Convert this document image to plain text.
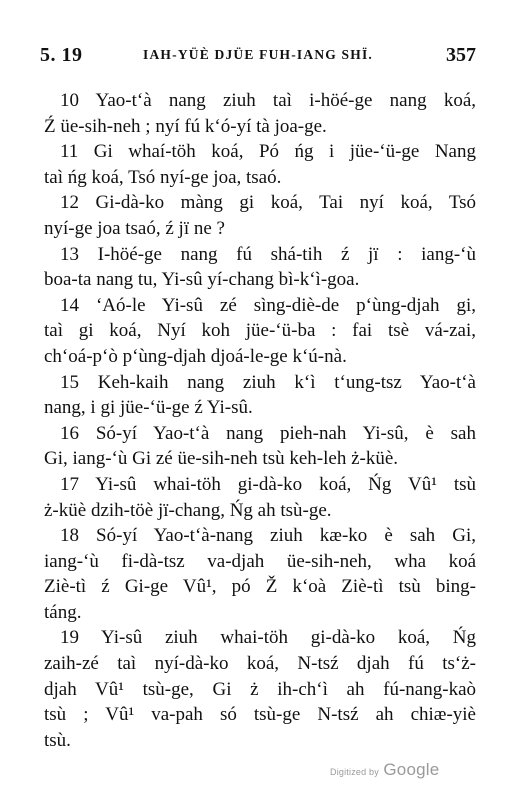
5. 19	IAH-YÜÈ DJÜE FUH-IANG SHÏ.	357
10 Yao-t‘à nang ziuh taì i-höé-ge nang koá,
Ź üe-sih-neh ; nyí fú k‘ó-yí tà joa-ge.
11 Gi whaí-töh koá, Pó ńg i jüe-‘ü-ge Nang
taì ńg koá, Tsó nyí-ge joa, tsaó.
12 Gi-dà-ko màng gi koá, Tai nyí koá, Tsó
nyí-ge joa tsaó, ź jï ne ?
13 I-höé-ge nang fú shá-tih ź jï : iang-‘ù
boa-ta nang tu, Yi-sû yí-chang bì-k‘ì-goa.
14 ‘Aó-le Yi-sû zé sìng-diè-de p‘ùng-djah gi,
taì gi koá, Nyí koh jüe-‘ü-ba : fai tsè vá-zai,
ch‘oá-p‘ò p‘ùng-djah djoá-le-ge k‘ú-nà.
15 Keh-kaih nang ziuh k‘ì t‘ung-tsz Yao-t‘à
nang, i gi jüe-‘ü-ge ź Yi-sû.
16 Só-yí Yao-t‘à nang pieh-nah Yi-sû, è sah
Gi, iang-‘ù Gi zé üe-sih-neh tsù keh-leh ż-küè.
17 Yi-sû whai-töh gi-dà-ko koá, Ńg Vû¹ tsù
ż-küè dzih-töè jï-chang, Ńg ah tsù-ge.
18 Só-yí Yao-t‘à-nang ziuh kæ-ko è sah Gi,
iang-‘ù fi-dà-tsz va-djah üe-sih-neh, wha koá
Ziè-tì ź Gi-ge Vû¹, pó Ž k‘oà Ziè-tì tsù bing-
táng.
19 Yi-sû ziuh whai-töh gi-dà-ko koá, Ńg
zaih-zé taì nyí-dà-ko koá, N-tsź djah fú ts‘ż-
djah Vû¹ tsù-ge, Gi ż ih-ch‘ì ah fú-nang-kaò
tsù ; Vû¹ va-pah só tsù-ge N-tsź ah chiæ-yiè
tsù.
Digitized by Google
